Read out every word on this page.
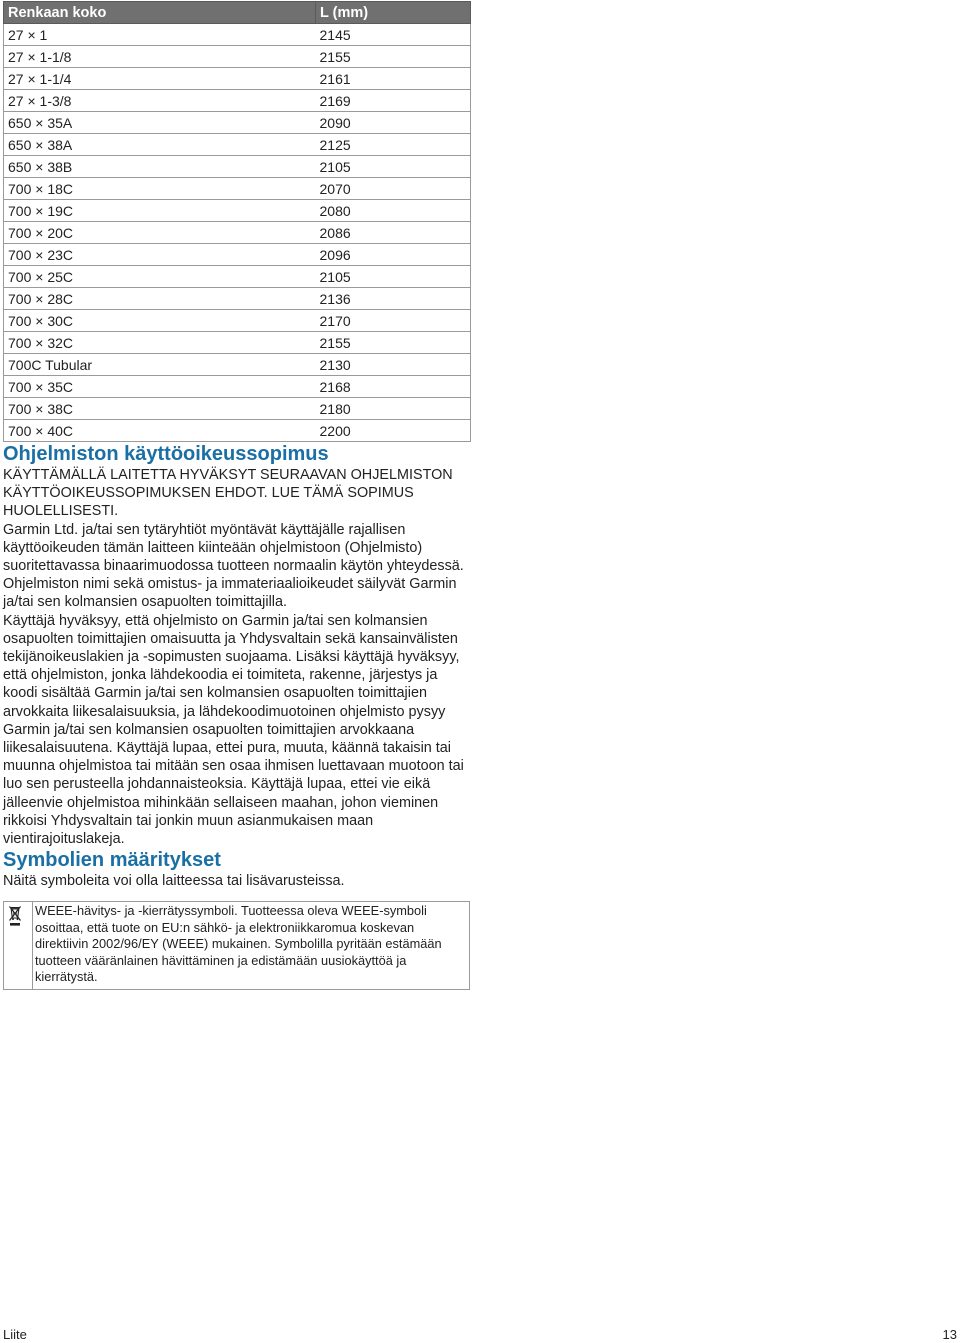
Renkaan koko	L (mm)
27 × 1	2145
27 × 1-1/8	2155
27 × 1-1/4	2161
27 × 1-3/8	2169
650 × 35A	2090
650 × 38A	2125
650 × 38B	2105
700 × 18C	2070
700 × 19C	2080
700 × 20C	2086
700 × 23C	2096
700 × 25C	2105
700 × 28C	2136
700 × 30C	2170
700 × 32C	2155
700C Tubular	2130
700 × 35C	2168
700 × 38C	2180
700 × 40C	2200
Ohjelmiston käyttöoikeussopimus

KÄYTTÄMÄLLÄ LAITETTA HYVÄKSYT SEURAAVAN OHJELMISTON KÄYTTÖOIKEUSSOPIMUKSEN EHDOT. LUE TÄMÄ SOPIMUS HUOLELLISESTI.

Garmin Ltd. ja/tai sen tytäryhtiöt myöntävät käyttäjälle rajallisen käyttöoikeuden tämän laitteen kiinteään ohjelmistoon (Ohjelmisto) suoritettavassa binaarimuodossa tuotteen normaalin käytön yhteydessä. Ohjelmiston nimi sekä omistus- ja immateriaalioikeudet säilyvät Garmin ja/tai sen kolmansien osapuolten toimittajilla.

Käyttäjä hyväksyy, että ohjelmisto on Garmin ja/tai sen kolmansien osapuolten toimittajien omaisuutta ja Yhdysvaltain sekä kansainvälisten tekijänoikeuslakien ja -sopimusten suojaama. Lisäksi käyttäjä hyväksyy, että ohjelmiston, jonka lähdekoodia ei toimiteta, rakenne, järjestys ja koodi sisältää Garmin ja/tai sen kolmansien osapuolten toimittajien arvokkaita liikesalaisuuksia, ja lähdekoodimuotoinen ohjelmisto pysyy Garmin ja/tai sen kolmansien osapuolten toimittajien arvokkaana liikesalaisuutena. Käyttäjä lupaa, ettei pura, muuta, käännä takaisin tai muunna ohjelmistoa tai mitään sen osaa ihmisen luettavaan muotoon tai luo sen perusteella johdannaisteoksia. Käyttäjä lupaa, ettei vie eikä jälleenvie ohjelmistoa mihinkään sellaiseen maahan, johon vieminen rikkoisi Yhdysvaltain tai jonkin muun asianmukaisen maan vientirajoituslakeja.

Symbolien määritykset

Näitä symboleita voi olla laitteessa tai lisävarusteissa.

	WEEE-hävitys- ja -kierrätyssymboli. Tuotteessa oleva WEEE-symboli osoittaa, että tuote on EU:n sähkö- ja elektroniikkaromua koskevan direktiivin 2002/96/EY (WEEE) mukainen. Symbolilla pyritään estämään tuotteen vääränlainen hävittäminen ja edistämään uusiokäyttöä ja kierrätystä.
Liite	13
